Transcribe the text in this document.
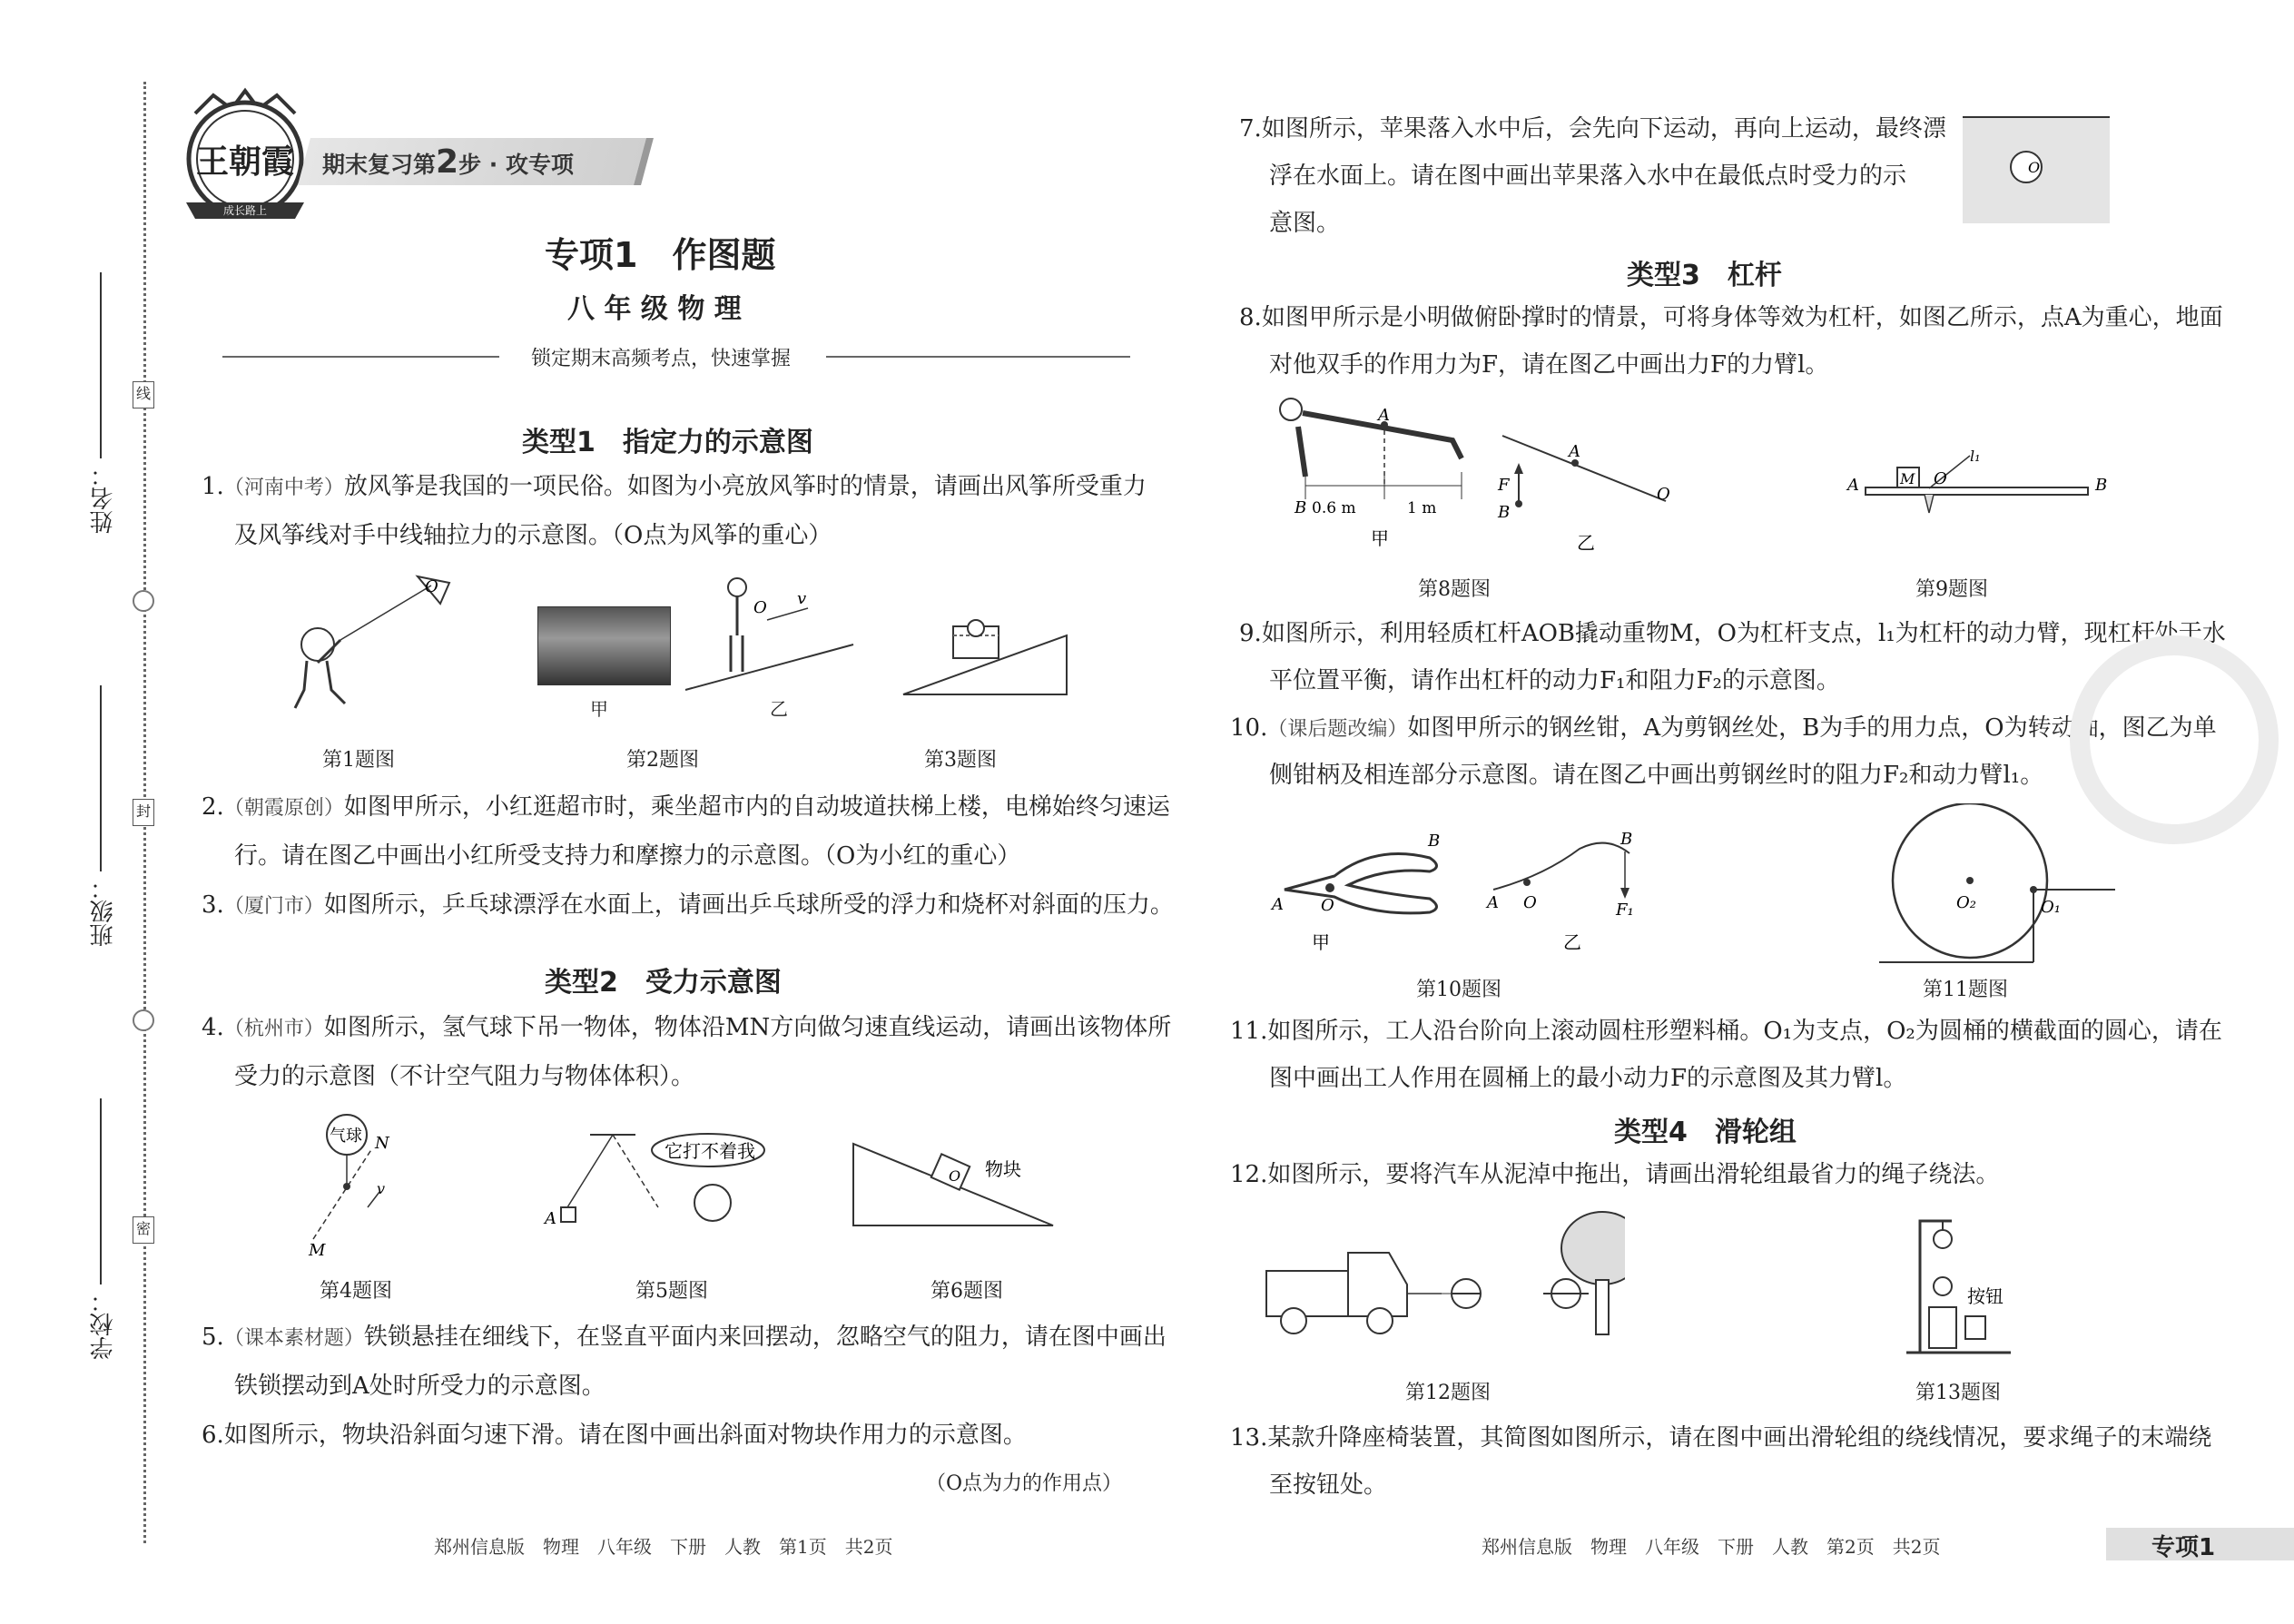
姓名：
班级：
学校：
线
封
密
成长路上
王朝霞 期末复习第2步 · 攻专项
专项1　作图题
八 年 级 物 理
锁定期末高频考点，快速掌握
类型1　指定力的示意图
1.（河南中考）放风筝是我国的一项民俗。如图为小亮放风筝时的情景，请画出风筝所受重力
及风筝线对手中线轴拉力的示意图。（O点为风筝的重心）
O
甲
O v
乙
第1题图	第2题图	第3题图
2.（朝霞原创）如图甲所示，小红逛超市时，乘坐超市内的自动坡道扶梯上楼，电梯始终匀速运
行。请在图乙中画出小红所受支持力和摩擦力的示意图。（O为小红的重心）
3.（厦门市）如图所示，乒乓球漂浮在水面上，请画出乒乓球所受的浮力和烧杯对斜面的压力。
类型2　受力示意图
4.（杭州市）如图所示，氢气球下吊一物体，物体沿MN方向做匀速直线运动，请画出该物体所
受力的示意图（不计空气阻力与物体体积）。
气球 N
M
v
A
它打不着我
O 物块
第4题图	第5题图	第6题图
5.（课本素材题）铁锁悬挂在细线下，在竖直平面内来回摆动，忽略空气的阻力，请在图中画出
铁锁摆动到A处时所受力的示意图。
6.如图所示，物块沿斜面匀速下滑。请在图中画出斜面对物块作用力的示意图。
（O点为力的作用点）
郑州信息版　物理　八年级　下册　人教　第1页　共2页
7.如图所示，苹果落入水中后，会先向下运动，再向上运动，最终漂
浮在水面上。请在图中画出苹果落入水中在最低点时受力的示
意图。
O
类型3　杠杆
8.如图甲所示是小明做俯卧撑时的情景，可将身体等效为杠杆，如图乙所示，点A为重心，地面
对他双手的作用力为F，请在图乙中画出力F的力臂l。
A
B 0.6 m	1 m
甲
F
B
A
O
乙
M
A	O
l₁
B
第8题图	第9题图
9.如图所示，利用轻质杠杆AOB撬动重物M，O为杠杆支点，l₁为杠杆的动力臂，现杠杆处于水
平位置平衡，请作出杠杆的动力F₁和阻力F₂的示意图。
10.（课后题改编）如图甲所示的钢丝钳，A为剪钢丝处，B为手的用力点，O为转动轴，图乙为单
侧钳柄及相连部分示意图。请在图乙中画出剪钢丝时的阻力F₂和动力臂l₁。
A O
B
甲
A O
B
F₁
乙
O₂	O₁
第10题图	第11题图
11.如图所示，工人沿台阶向上滚动圆柱形塑料桶。O₁为支点，O₂为圆桶的横截面的圆心，请在
图中画出工人作用在圆桶上的最小动力F的示意图及其力臂l。
类型4　滑轮组
12.如图所示，要将汽车从泥淖中拖出，请画出滑轮组最省力的绳子绕法。
按钮
第12题图	第13题图
13.某款升降座椅装置，其简图如图所示，请在图中画出滑轮组的绕线情况，要求绳子的末端绕
至按钮处。
郑州信息版　物理　八年级　下册　人教　第2页　共2页	专项1
